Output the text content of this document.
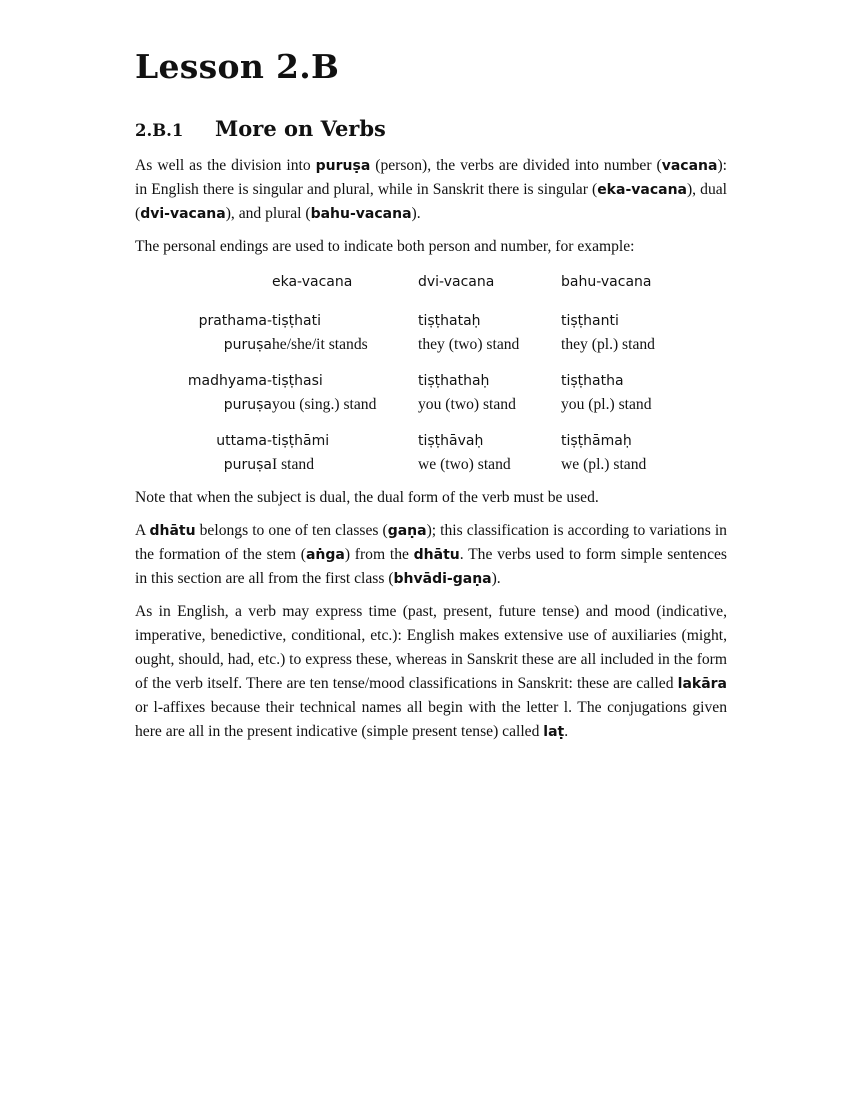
Lesson 2.B
2.B.1 More on Verbs

As well as the division into puruṣa (person), the verbs are divided into number (vacana): in English there is singular and plural, while in Sanskrit there is singular (eka-vacana), dual (dvi-vacana), and plural (bahu-vacana).

The personal endings are used to indicate both person and number, for example:

	eka-vacana	dvi-vacana	bahu-vacana

prathama-	tiṣṭhati	tiṣṭhataḥ	tiṣṭhanti
puruṣa	he/she/it stands	they (two) stand	they (pl.) stand

madhyama-	tiṣṭhasi	tiṣṭhathaḥ	tiṣṭhatha
puruṣa	you (sing.) stand	you (two) stand	you (pl.) stand

uttama-	tiṣṭhāmi	tiṣṭhāvaḥ	tiṣṭhāmaḥ
puruṣa	I stand	we (two) stand	we (pl.) stand

Note that when the subject is dual, the dual form of the verb must be used.

A dhātu belongs to one of ten classes (gaṇa); this classification is according to variations in the formation of the stem (aṅga) from the dhātu. The verbs used to form simple sentences in this section are all from the first class (bhvādi-gaṇa).

As in English, a verb may express time (past, present, future tense) and mood (indicative, imperative, benedictive, conditional, etc.): English makes extensive use of auxiliaries (might, ought, should, had, etc.) to express these, whereas in Sanskrit these are all included in the form of the verb itself. There are ten tense/mood classifications in Sanskrit: these are called lakāra or l-affixes because their technical names all begin with the letter l. The conjugations given here are all in the present indicative (simple present tense) called laṭ.
